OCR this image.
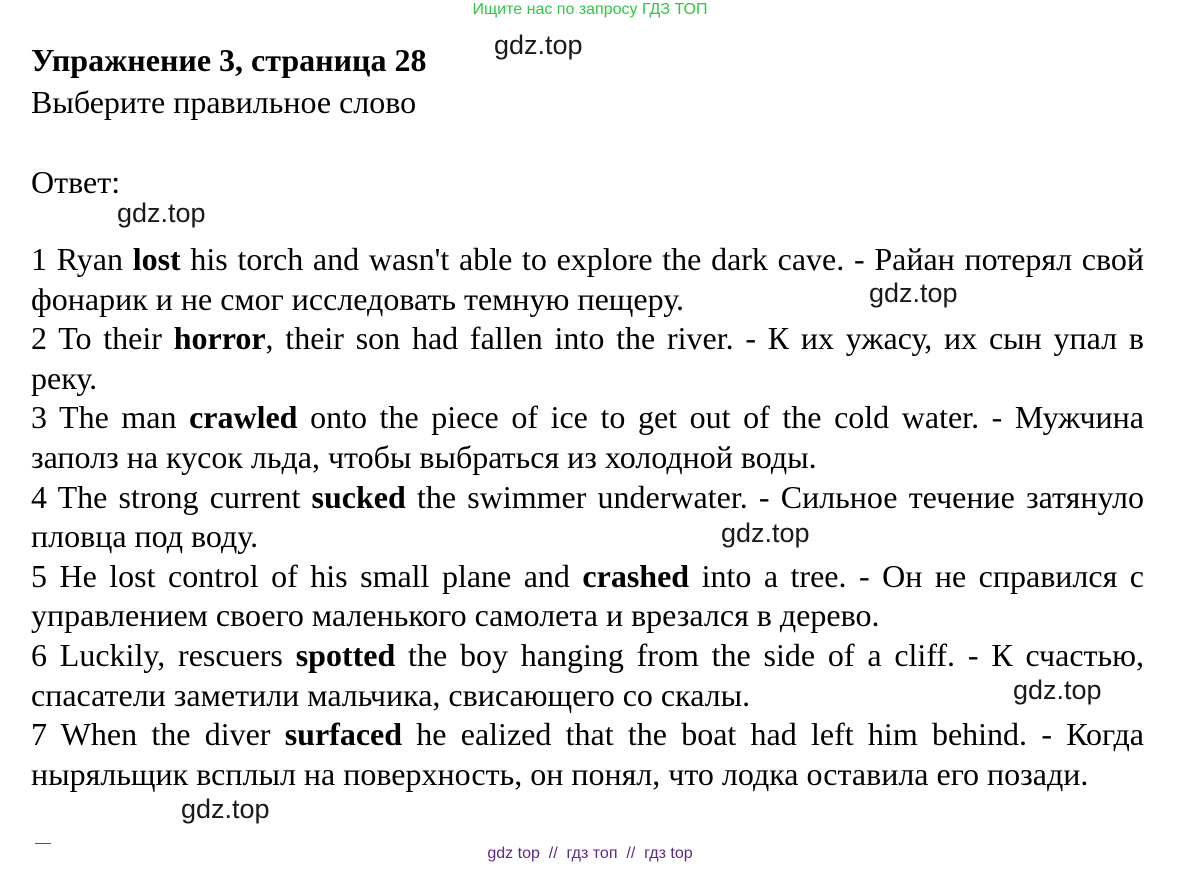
Ищите нас по запросу ГДЗ ТОП
Упражнение 3, страница 28
Выберите правильное слово
Ответ:
1 Ryan lost his torch and wasn't able to explore the dark cave. - Райан потерял свой фонарик и не смог исследовать темную пещеру.
2 To their horror, their son had fallen into the river. - К их ужасу, их сын упал в реку.
3 The man crawled onto the piece of ice to get out of the cold water. - Мужчина заполз на кусок льда, чтобы выбраться из холодной воды.
4 The strong current sucked the swimmer underwater. - Сильное течение затянуло пловца под воду.
5 He lost control of his small plane and crashed into a tree. - Он не справился с управлением своего маленького самолета и врезался в дерево.
6 Luckily, rescuers spotted the boy hanging from the side of a cliff. - К счастью, спасатели заметили мальчика, свисающего со скалы.
7 When the diver surfaced he ealized that the boat had left him behind. - Когда ныряльщик всплыл на поверхность, он понял, что лодка оставила его позади.
gdz.top
gdz.top
gdz.top
gdz.top
gdz.top
gdz.top
gdz top  //  гдз топ  //  гдз top
